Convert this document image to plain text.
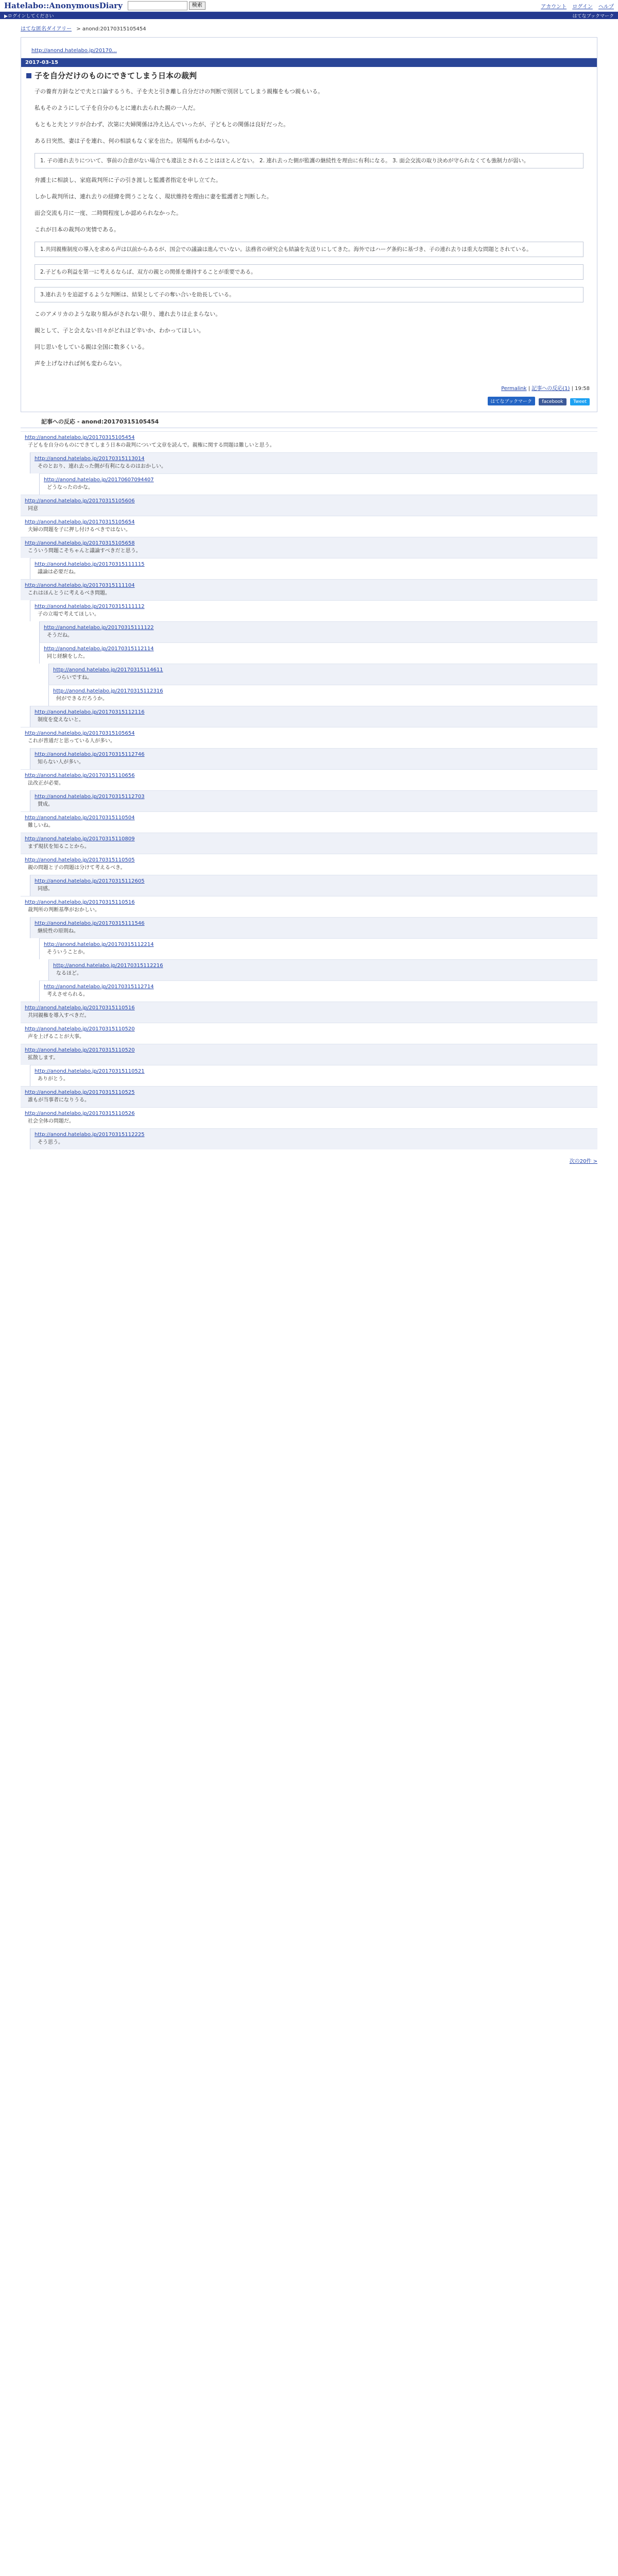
Hatelabo::AnonymousDiary	検索	アカウント ログイン ヘルプ
▶ログインしてください	はてなブックマーク
はてな匿名ダイアリー > anond:20170315105454
http://anond.hatelabo.jp/20170...
2017-03-15
子を自分だけのものにできてしまう日本の裁判

子の養育方針などで夫と口論するうち、子を夫と引き離し自分だけの判断で別居してしまう親権をもつ親もいる。

私もそのようにして子を自分のもとに連れ去られた親の一人だ。

もともと夫とソリが合わず、次第に夫婦関係は冷え込んでいったが、子どもとの関係は良好だった。

ある日突然、妻は子を連れ、何の相談もなく家を出た。居場所もわからない。

1. 子の連れ去りについて、事前の合意がない場合でも違法とされることはほとんどない。 2. 連れ去った側が監護の継続性を理由に有利になる。 3. 面会交流の取り決めが守られなくても強制力が弱い。

弁護士に相談し、家庭裁判所に子の引き渡しと監護者指定を申し立てた。

しかし裁判所は、連れ去りの経緯を問うことなく、現状維持を理由に妻を監護者と判断した。

面会交流も月に一度、二時間程度しか認められなかった。

これが日本の裁判の実情である。

1.共同親権制度の導入を求める声は以前からあるが、国会での議論は進んでいない。法務省の研究会も結論を先送りにしてきた。海外ではハーグ条約に基づき、子の連れ去りは重大な問題とされている。
2.子どもの利益を第一に考えるならば、双方の親との関係を維持することが重要である。
3.連れ去りを追認するような判断は、結果として子の奪い合いを助長している。

このアメリカのような取り組みがされない限り、連れ去りは止まらない。

親として、子と会えない日々がどれほど辛いか、わかってほしい。

同じ思いをしている親は全国に数多くいる。

声を上げなければ何も変わらない。

Permalink | 記事への反応(1) | 19:58
はてなブックマーク facebook Tweet
記事への反応 - anond:20170315105454
http://anond.hatelabo.jp/20170315105454
子どもを自分のものにできてしまう日本の裁判について文章を読んで。親権に関する問題は難しいと思う。
http://anond.hatelabo.jp/20170315113014
そのとおり、連れ去った側が有利になるのはおかしい。
http://anond.hatelabo.jp/20170607094407
どうなったのかな。
http://anond.hatelabo.jp/20170315105606
同意
http://anond.hatelabo.jp/20170315105654
夫婦の問題を子に押し付けるべきではない。
http://anond.hatelabo.jp/20170315105658
こういう問題こそちゃんと議論すべきだと思う。
http://anond.hatelabo.jp/20170315111115
議論は必要だね。
http://anond.hatelabo.jp/20170315111104
これはほんとうに考えるべき問題。
http://anond.hatelabo.jp/20170315111112
子の立場で考えてほしい。
http://anond.hatelabo.jp/20170315111122
そうだね。
http://anond.hatelabo.jp/20170315112114
同じ経験をした。
http://anond.hatelabo.jp/20170315114611
つらいですね。
http://anond.hatelabo.jp/20170315112316
何ができるだろうか。
http://anond.hatelabo.jp/20170315112116
制度を変えないと。
http://anond.hatelabo.jp/20170315105654
これが普通だと思っている人が多い。
http://anond.hatelabo.jp/20170315112746
知らない人が多い。
http://anond.hatelabo.jp/20170315110656
法改正が必要。
http://anond.hatelabo.jp/20170315112703
賛成。
http://anond.hatelabo.jp/20170315110504
難しいね。
http://anond.hatelabo.jp/20170315110809
まず現状を知ることから。
http://anond.hatelabo.jp/20170315110505
親の問題と子の問題は分けて考えるべき。
http://anond.hatelabo.jp/20170315112605
同感。
http://anond.hatelabo.jp/20170315110516
裁判所の判断基準がおかしい。
http://anond.hatelabo.jp/20170315111546
継続性の原則ね。
http://anond.hatelabo.jp/20170315112214
そういうことか。
http://anond.hatelabo.jp/20170315112216
なるほど。
http://anond.hatelabo.jp/20170315112714
考えさせられる。
http://anond.hatelabo.jp/20170315110516
共同親権を導入すべきだ。
http://anond.hatelabo.jp/20170315110520
声を上げることが大事。
http://anond.hatelabo.jp/20170315110520
拡散します。
http://anond.hatelabo.jp/20170315110521
ありがとう。
http://anond.hatelabo.jp/20170315110525
誰もが当事者になりうる。
http://anond.hatelabo.jp/20170315110526
社会全体の問題だ。
http://anond.hatelabo.jp/20170315112225
そう思う。
次の20件 >
